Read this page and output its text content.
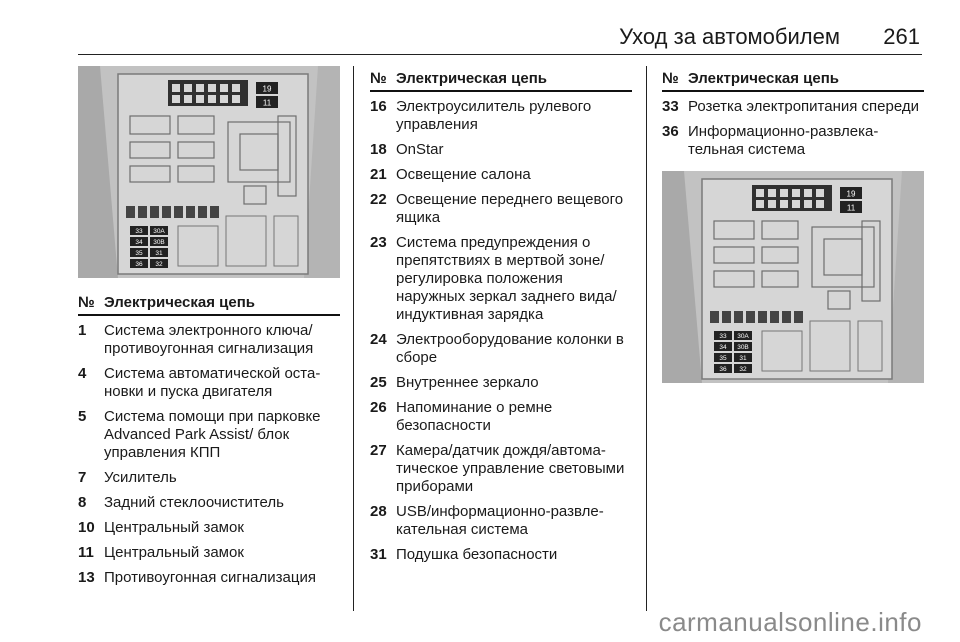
Уход за автомобилем 261
19
11
33 30A
34 30B
35 31
36 32
№ Электрическая цепь
1	Система электронного ключа/ противоугонная сигнализация
4	Система автоматической остановки и пуска двигателя
5	Система помощи при парковке Advanced Park Assist/ блок управления КПП
7	Усилитель
8	Задний стеклоочиститель
10 Центральный замок
11 Центральный замок
13 Противоугонная сигнализация
№ Электрическая цепь
16 Электроусилитель рулевого управления
18 OnStar
21 Освещение салона
22 Освещение переднего вещевого ящика
23 Система предупреждения о препятствиях в мертвой зоне/ регулировка положения наружных зеркал заднего вида/индуктивная зарядка
24 Электрооборудование колонки в сборе
25 Внутреннее зеркало
26 Напоминание о ремне безопасности
27 Камера/датчик дождя/автоматическое управление световыми приборами
28 USB/информационно-развлекательная система
31 Подушка безопасности
№ Электрическая цепь
33 Розетка электропитания спереди
36 Информационно-развлекательная система
19
11
33 30A
34 30B
35 31
36 32
carmanualsonline.info
